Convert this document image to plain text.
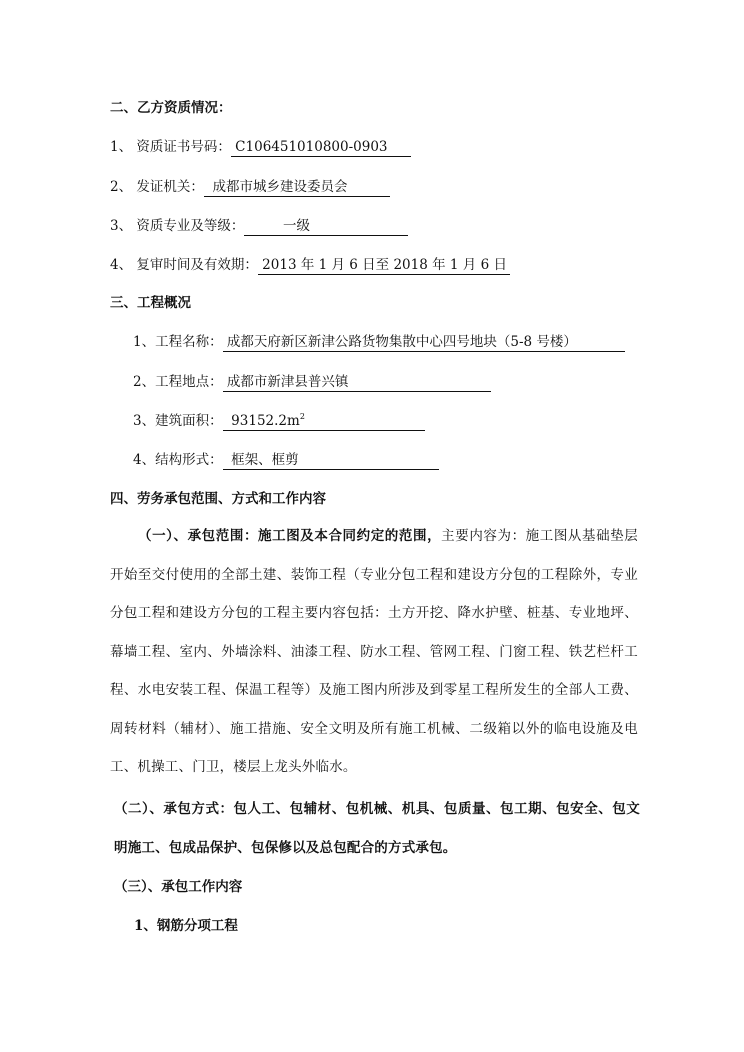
二、乙方资质情况：
1、 资质证书号码： C106451010800-0903
2、 发证机关：  成都市城乡建设委员会
3、 资质专业及等级：         一级
4、 复审时间及有效期： 2013 年 1 月 6 日至 2018 年 1 月 6 日
三、工程概况
1、工程名称： 成都天府新区新津公路货物集散中心四号地块（5-8 号楼）
2、工程地点： 成都市新津县普兴镇
3、建筑面积：  $93152.2m^2$
4、结构形式：  框架、框剪
四、劳务承包范围、方式和工作内容
（一）、承包范围：施工图及本合同约定的范围，主要内容为：施工图从基础垫层开始至交付使用的全部土建、装饰工程（专业分包工程和建设方分包的工程除外，专业分包工程和建设方分包的工程主要内容包括：土方开挖、降水护壁、桩基、专业地坪、幕墙工程、室内、外墙涂料、油漆工程、防水工程、管网工程、门窗工程、铁艺栏杆工程、水电安装工程、保温工程等）及施工图内所涉及到零星工程所发生的全部人工费、周转材料（辅材）、施工措施、安全文明及所有施工机械、二级箱以外的临电设施及电工、机操工、门卫，楼层上龙头外临水。
（二）、承包方式：包人工、包辅材、包机械、机具、包质量、包工期、包安全、包文明施工、包成品保护、包保修以及总包配合的方式承包。
（三）、承包工作内容
1、钢筋分项工程
